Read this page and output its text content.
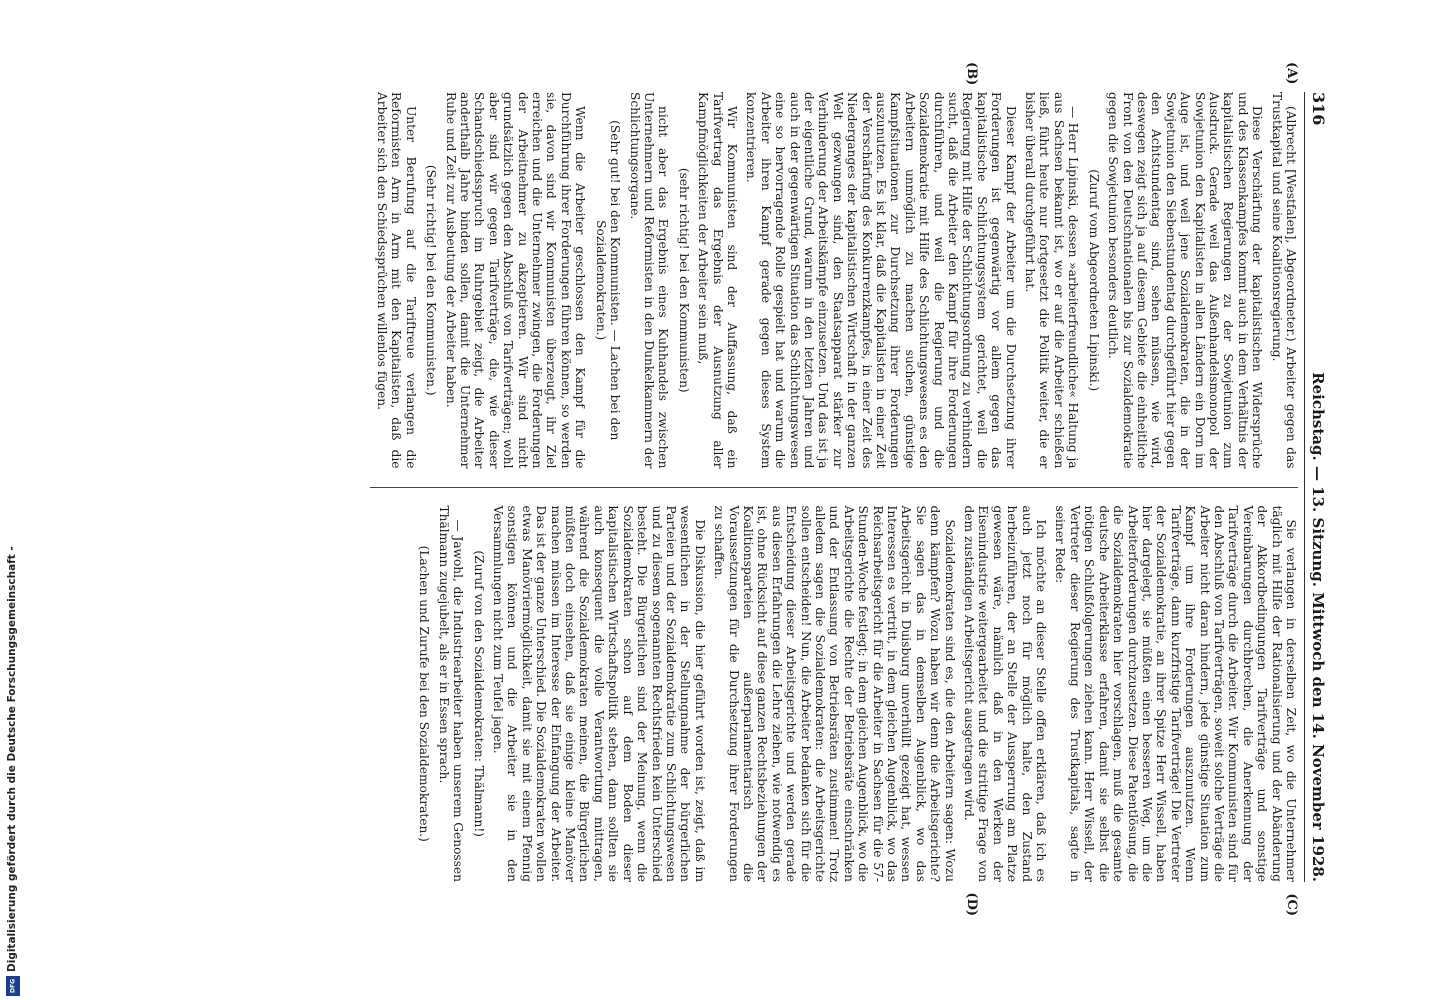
316
Reichstag. — 13. Sitzung. Mittwoch den 14. November 1928.
(A)
(B)

(Albrecht [Westfalen], Abgeordneter.) Arbeiter gegen das Trustkapital und seine Koalitionsregierung.

Diese Verschärfung der kapitalistischen Widersprüche und des Klassenkampfes kommt auch in dem Verhältnis der kapitalistischen Regierungen zu der Sowjetunion zum Ausdruck. Gerade weil das Außenhandelsmonopol der Sowjetunion den Kapitalisten in allen Ländern ein Dorn im Auge ist, und weil jene Sozialdemokraten, die in der Sowjetunion den Siebenstundentag durchgeführt hier gegen den Achtstundentag sind, sehen müssen, wie wird, deswegen zeigt sich ja auf diesem Gebiete die einheitliche Front von den Deutschnationalen bis zur Sozialdemokratie gegen die Sowjetunion besonders deutlich.

(Zuruf vom Abgeordneten Lipinski.)

— Herr Lipinski, dessen »arbeiterfreundliche« Haltung ja aus Sachsen bekannt ist, wo er auf die Arbeiter schießen ließ, führt heute nur fortgesetzt die Politik weiter, die er bisher überall durchgeführt hat.

Dieser Kampf der Arbeiter um die Durchsetzung ihrer Forderungen ist gegenwärtig vor allem gegen das kapitalistische Schlichtungssystem gerichtet, weil die Regierung mit Hilfe der Schlichtungsordnung zu verhindern sucht, daß die Arbeiter den Kampf für ihre Forderungen durchführen, und weil die Regierung und die Sozialdemokratie mit Hilfe des Schlichtungswesens es den Arbeitern unmöglich zu machen suchen, günstige Kampfsituationen zur Durchsetzung ihrer Forderungen auszunutzen. Es ist klar, daß die Kapitalisten in einer Zeit der Verschärfung des Konkurrenzkampfes, in einer Zeit des Niederganges der kapitalistischen Wirtschaft in der ganzen Welt gezwungen sind, den Staatsapparat stärker zur Verhinderung der Arbeitskämpfe einzusetzen. Und das ist ja der eigentliche Grund, warum in den letzten Jahren und auch in der gegenwärtigen Situation das Schlichtungswesen eine so hervorragende Rolle gespielt hat und warum die Arbeiter ihren Kampf gerade gegen dieses System konzentrieren.

Wir Kommunisten sind der Auffassung, daß ein Tarifvertrag das Ergebnis der Ausnutzung aller Kampfmöglichkeiten der Arbeiter sein muß,

(sehr richtig! bei den Kommunisten)

nicht aber das Ergebnis eines Kuhhandels zwischen Unternehmern und Reformisten in den Dunkelkammern der Schlichtungsorgane.

(Sehr gut! bei den Kommunisten. — Lachen bei den Sozialdemokraten.)

Wenn die Arbeiter geschlossen den Kampf für die Durchführung ihrer Forderungen führen können, so werden sie, davon sind wir Kommunisten überzeugt, ihr Ziel erreichen und die Unternehmer zwingen, die Forderungen der Arbeitnehmer zu akzeptieren. Wir sind nicht grundsätzlich gegen den Abschluß von Tarifverträgen; wohl aber sind wir gegen Tarifverträge, die, wie dieser Schandschiedsspruch im Ruhrgebiet zeigt, die Arbeiter anderthalb Jahre binden sollen, damit die Unternehmer Ruhe und Zeit zur Ausbeutung der Arbeiter haben.

(Sehr richtig! bei den Kommunisten.)

Unter Berufung auf die Tariftreue verlangen die Reformisten Arm in Arm mit den Kapitalisten, daß die Arbeiter sich den Schiedssprüchen willenlos fügen.

(C)
(D)

Sie verlangen in derselben Zeit, wo die Unternehmer täglich mit Hilfe der Rationalisierung und der Abänderung der Akkordbedingungen Tarifverträge und sonstige Vereinbarungen durchbrechen, die Anerkennung der Tarifverträge durch die Arbeiter. Wir Kommunisten sind für den Abschluß von Tarifverträgen, soweit solche Verträge die Arbeiter nicht daran hindern, jede günstige Situation zum Kampf um ihre Forderungen auszunutzen. Wenn Tarifverträge, dann kurzfristige Tarifverträge! Die Vertreter der Sozialdemokratie, an ihrer Spitze Herr Wissell, haben hier dargelegt, sie müßten einen besseren Weg, um die Arbeiterforderungen durchzusetzen. Diese Patentlösung, die die Sozialdemokraten hier vorschlagen, muß die gesamte deutsche Arbeiterklasse erfahren, damit sie selbst die nötigen Schlußfolgerungen ziehen kann. Herr Wissell, der Vertreter dieser Regierung des Trustkapitals, sagte in seiner Rede:

Ich möchte an dieser Stelle offen erklären, daß ich es auch jetzt noch für möglich halte, den Zustand herbeizuführen, der an Stelle der Aussperrung am Platze gewesen wäre, nämlich daß in den Werken der Eisenindustrie weitergearbeitet und die strittige Frage von dem zuständigen Arbeitsgericht ausgetragen wird.

Sozialdemokraten sind es, die den Arbeitern sagen: Wozu denn kämpfen? Wozu haben wir denn die Arbeitsgerichte? Sie sagen das in demselben Augenblick, wo das Arbeitsgericht in Duisburg unverhüllt gezeigt hat, wessen Interessen es vertritt, in dem gleichen Augenblick, wo das Reichsarbeitsgericht für die Arbeiter in Sachsen für die 57-Stunden-Woche festlegt; in dem gleichen Augenblick, wo die Arbeitsgerichte die Rechte der Betriebsräte einschränken und der Entlassung von Betriebsräten zustimmen! Trotz alledem sagen die Sozialdemokraten: die Arbeitsgerichte sollen entscheiden! Nun, die Arbeiter bedanken sich für die Entscheidung dieser Arbeitsgerichte und werden gerade aus diesen Erfahrungen die Lehre ziehen, wie notwendig es ist, ohne Rücksicht auf diese ganzen Rechtsbeziehungen der Koalitionsparteien außerparlamentarisch die Voraussetzungen für die Durchsetzung ihrer Forderungen zu schaffen.

Die Diskussion, die hier geführt worden ist, zeigt, daß im wesentlichen in der Stellungnahme der bürgerlichen Parteien und der Sozialdemokratie zum Schlichtungswesen und zu diesem sogenannten Rechtsfrieden kein Unterschied besteht. Die Bürgerlichen sind der Meinung, wenn die Sozialdemokraten schon auf dem Boden dieser kapitalistischen Wirtschaftspolitik stehen, dann sollten sie auch konsequent die volle Verantwortung mittragen, während die Sozialdemokraten meinen, die Bürgerlichen müßten doch einsehen, daß sie einige kleine Manöver machen müssen im Interesse der Einfangung der Arbeiter. Das ist der ganze Unterschied. Die Sozialdemokraten wollen etwas Manövriermöglichkeit, damit sie mit einem Pfennig sonstigen können und die Arbeiter sie in den Versammlungen nicht zum Teufel jagen.

(Zuruf von den Sozialdemokraten: Thälmann!)

— Jawohl, die Industriearbeiter haben unserem Genossen Thälmann zugejubelt, als er in Essen sprach.

(Lachen und Zurufe bei den Sozialdemokraten.)

Digitalisierung gefördert durch die Deutsche Forschungsgemeinschaft -
DFG
